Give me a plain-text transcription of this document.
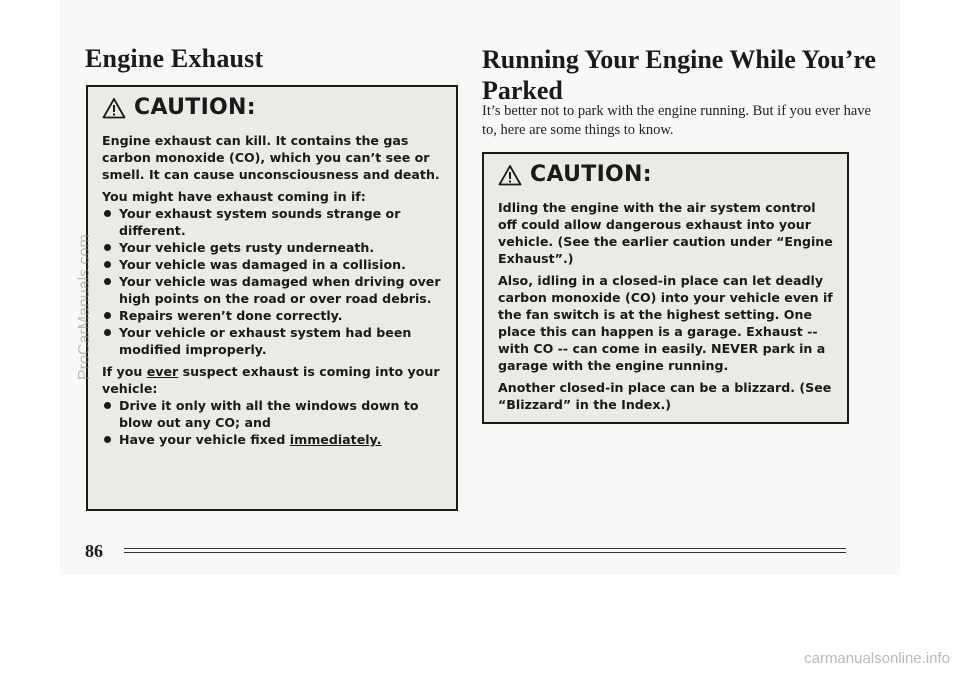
Engine Exhaust
CAUTION:

Engine exhaust can kill. It contains the gas carbon monoxide (CO), which you can’t see or smell. It can cause unconsciousness and death.

You might have exhaust coming in if:

Your exhaust system sounds strange or different.
Your vehicle gets rusty underneath.
Your vehicle was damaged in a collision.
Your vehicle was damaged when driving over high points on the road or over road debris.
Repairs weren’t done correctly.
Your vehicle or exhaust system had been modified improperly.

If you ever suspect exhaust is coming into your vehicle:

Drive it only with all the windows down to blow out any CO; and
Have your vehicle fixed immediately.
Running Your Engine While You’re Parked

It’s better not to park with the engine running. But if you ever have to, here are some things to know.

CAUTION:

Idling the engine with the air system control off could allow dangerous exhaust into your vehicle. (See the earlier caution under “Engine Exhaust”.)

Also, idling in a closed-in place can let deadly carbon monoxide (CO) into your vehicle even if the fan switch is at the highest setting. One place this can happen is a garage. Exhaust -- with CO -- can come in easily. NEVER park in a garage with the engine running.

Another closed-in place can be a blizzard. (See “Blizzard” in the Index.)

86
ProCarManuals.com
carmanualsonline.info
